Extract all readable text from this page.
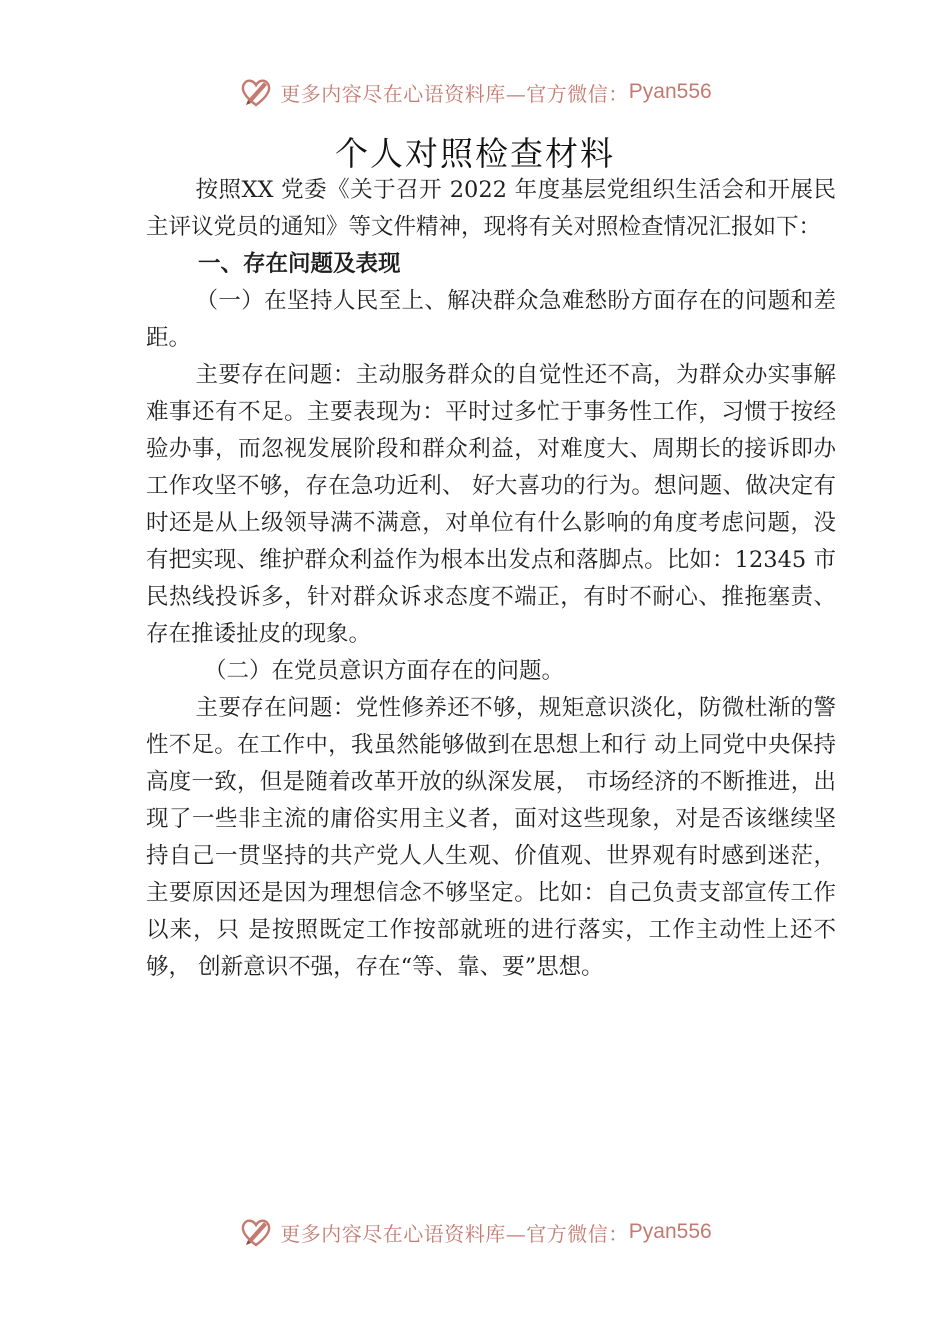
更多内容尽在心语资料库—官方微信： Pyan556
个人对照检查材料

按照XX 党委《关于召开 2022 年度基层党组织生活会和开展民主评议党员的通知》等文件精神，现将有关对照检查情况汇报如下：

一、存在问题及表现

（一）在坚持人民至上、解决群众急难愁盼方面存在的问题和差距。

主要存在问题：主动服务群众的自觉性还不高，为群众办实事解难事还有不足。主要表现为：平时过多忙于事务性工作，习惯于按经验办事，而忽视发展阶段和群众利益，对难度大、周期长的接诉即办工作攻坚不够，存在急功近利、 好大喜功的行为。想问题、做决定有时还是从上级领导满不满意，对单位有什么影响的角度考虑问题，没有把实现、维护群众利益作为根本出发点和落脚点。比如：12345 市民热线投诉多，针对群众诉求态度不端正，有时不耐心、推拖塞责、存在推诿扯皮的现象。

（二）在党员意识方面存在的问题。

主要存在问题：党性修养还不够，规矩意识淡化，防微杜渐的警性不足。在工作中，我虽然能够做到在思想上和行 动上同党中央保持高度一致，但是随着改革开放的纵深发展， 市场经济的不断推进，出现了一些非主流的庸俗实用主义者，面对这些现象，对是否该继续坚持自己一贯坚持的共产党人人生观、价值观、世界观有时感到迷茫，主要原因还是因为理想信念不够坚定。比如：自己负责支部宣传工作以来，只 是按照既定工作按部就班的进行落实，工作主动性上还不够， 创新意识不强，存在“等、靠、要”思想。

更多内容尽在心语资料库—官方微信： Pyan556
